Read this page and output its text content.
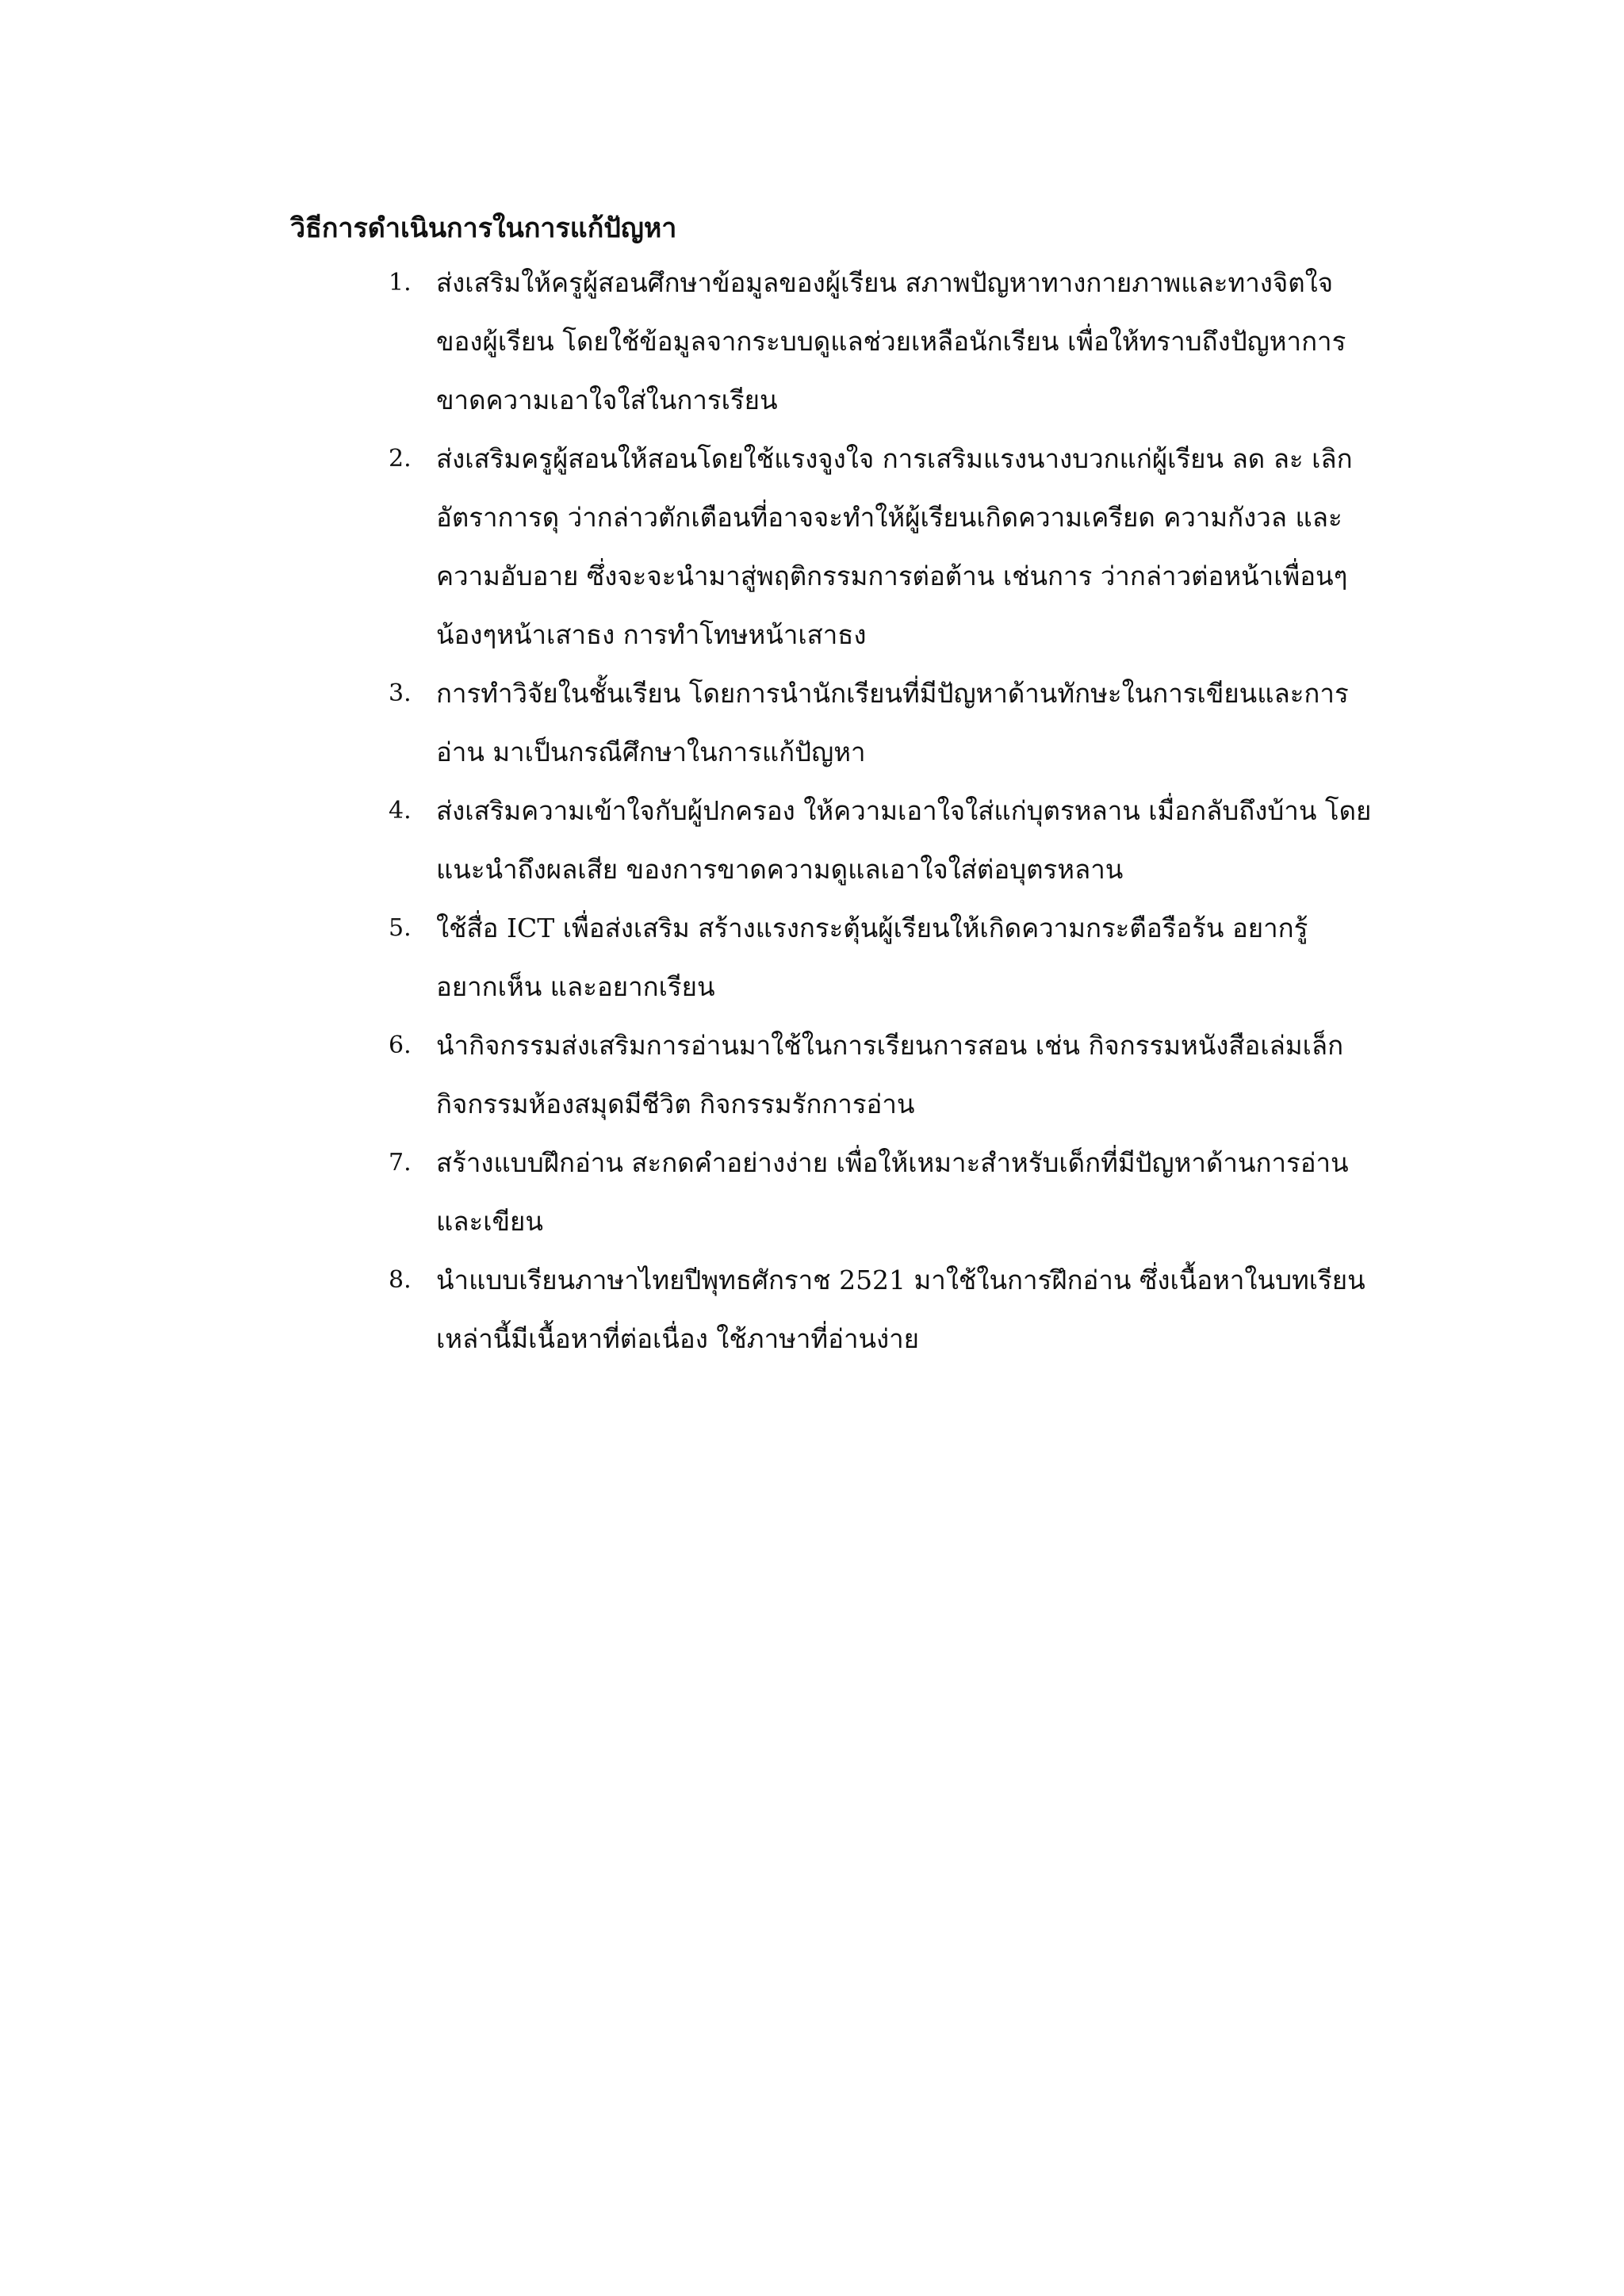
วิธีการดำเนินการในการแก้ปัญหา
1. ส่งเสริมให้ครูผู้สอนศึกษาข้อมูลของผู้เรียน สภาพปัญหาทางกายภาพและทางจิตใจ
ของผู้เรียน โดยใช้ข้อมูลจากระบบดูแลช่วยเหลือนักเรียน เพื่อให้ทราบถึงปัญหาการ
ขาดความเอาใจใส่ในการเรียน
2. ส่งเสริมครูผู้สอนให้สอนโดยใช้แรงจูงใจ การเสริมแรงนางบวกแก่ผู้เรียน ลด ละ เลิก
อัตราการดุ ว่ากล่าวตักเตือนที่อาจจะทำให้ผู้เรียนเกิดความเครียด ความกังวล และ
ความอับอาย ซึ่งจะจะนำมาสู่พฤติกรรมการต่อต้าน เช่นการ ว่ากล่าวต่อหน้าเพื่อนๆ
น้องๆหน้าเสาธง การทำโทษหน้าเสาธง
3. การทำวิจัยในชั้นเรียน โดยการนำนักเรียนที่มีปัญหาด้านทักษะในการเขียนและการ
อ่าน มาเป็นกรณีศึกษาในการแก้ปัญหา
4. ส่งเสริมความเข้าใจกับผู้ปกครอง ให้ความเอาใจใส่แก่บุตรหลาน เมื่อกลับถึงบ้าน โดย
แนะนำถึงผลเสีย ของการขาดความดูแลเอาใจใส่ต่อบุตรหลาน
5. ใช้สื่อ ICT เพื่อส่งเสริม สร้างแรงกระตุ้นผู้เรียนให้เกิดความกระตือรือร้น อยากรู้
อยากเห็น และอยากเรียน
6. นำกิจกรรมส่งเสริมการอ่านมาใช้ในการเรียนการสอน เช่น กิจกรรมหนังสือเล่มเล็ก
กิจกรรมห้องสมุดมีชีวิต กิจกรรมรักการอ่าน
7. สร้างแบบฝึกอ่าน สะกดคำอย่างง่าย เพื่อให้เหมาะสำหรับเด็กที่มีปัญหาด้านการอ่าน
และเขียน
8. นำแบบเรียนภาษาไทยปีพุทธศักราช 2521 มาใช้ในการฝึกอ่าน ซึ่งเนื้อหาในบทเรียน
เหล่านี้มีเนื้อหาที่ต่อเนื่อง ใช้ภาษาที่อ่านง่าย
